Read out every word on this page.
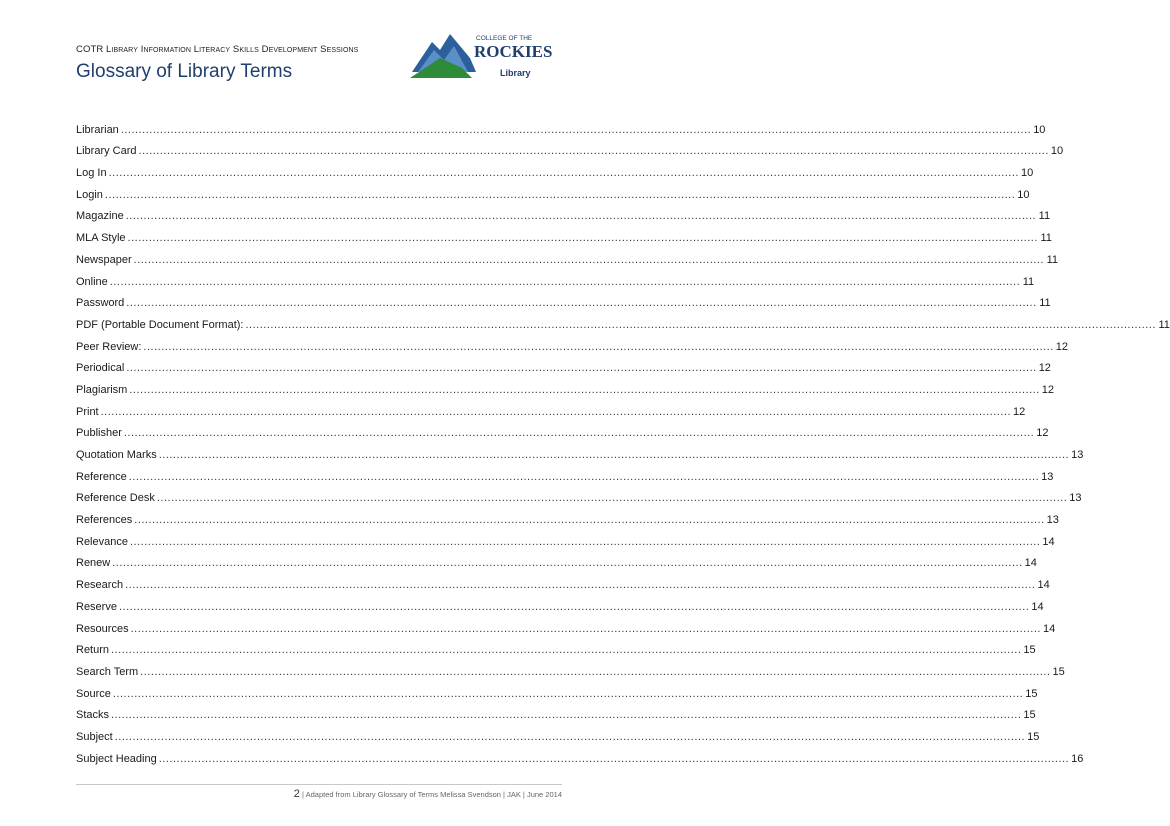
COTR Library Information Literacy Skills Development Sessions
Glossary of Library Terms
COLLEGE OF THE
ROCKIES
Library
Librarian .....	10
Library Card .....	10
Log In .....	10
Login .....	10
Magazine .....	11
MLA Style .....	11
Newspaper .....	11
Online .....	11
Password .....	11
PDF (Portable Document Format): .....	11
Peer Review: .....	12
Periodical .....	12
Plagiarism .....	12
Print .....	12
Publisher .....	12
Quotation Marks .....	13
Reference .....	13
Reference Desk .....	13
References .....	13
Relevance .....	14
Renew .....	14
Research .....	14
Reserve .....	14
Resources .....	14
Return .....	15
Search Term .....	15
Source .....	15
Stacks .....	15
Subject .....	15
Subject Heading .....	16
2 | Adapted from Library Glossary of Terms Melissa Svendson | JAK | June 2014
